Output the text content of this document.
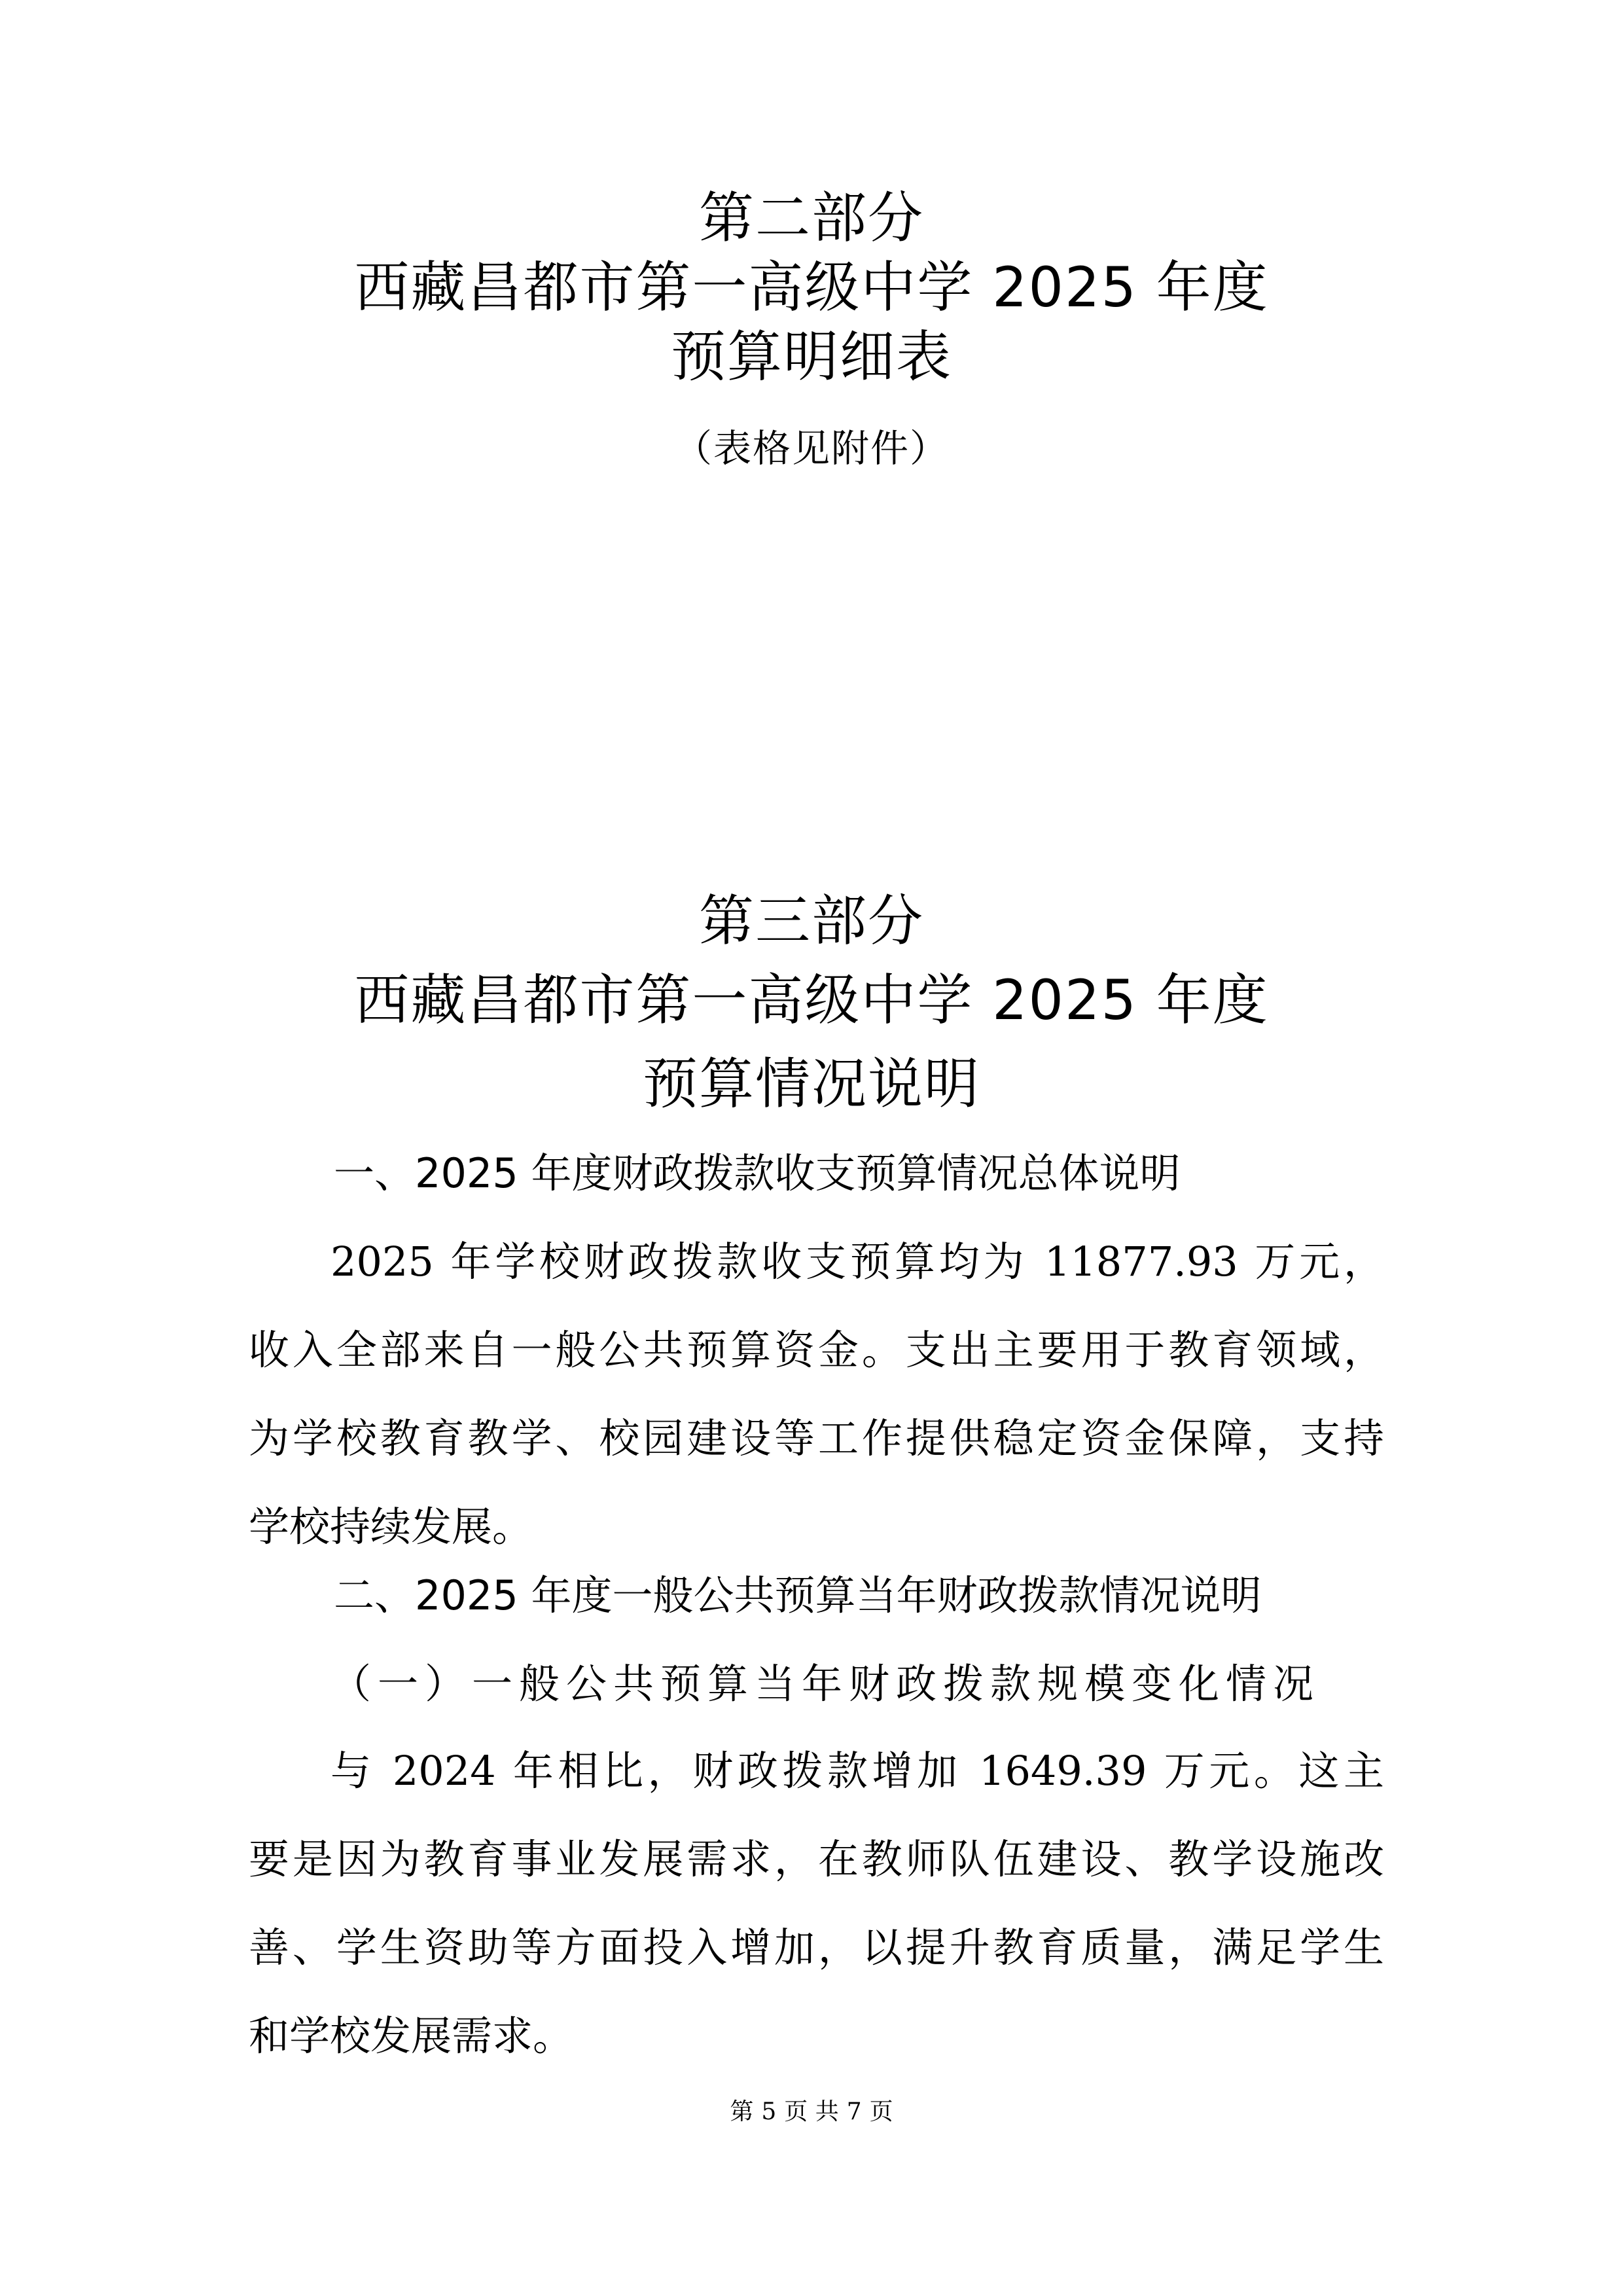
第二部分
西藏昌都市第一高级中学 2025 年度
预算明细表
（表格见附件）
第三部分
西藏昌都市第一高级中学 2025 年度
预算情况说明
一、2025 年度财政拨款收支预算情况总体说明
2025 年学校财政拨款收支预算均为 11877.93 万元，
收入全部来自一般公共预算资金。支出主要用于教育领域，
为学校教育教学、校园建设等工作提供稳定资金保障，支持
学校持续发展。
二、2025 年度一般公共预算当年财政拨款情况说明
（一）一般公共预算当年财政拨款规模变化情况
与 2024 年相比，财政拨款增加 1649.39 万元。这主
要是因为教育事业发展需求，在教师队伍建设、教学设施改
善、学生资助等方面投入增加，以提升教育质量，满足学生
和学校发展需求。
第 5 页 共 7 页
